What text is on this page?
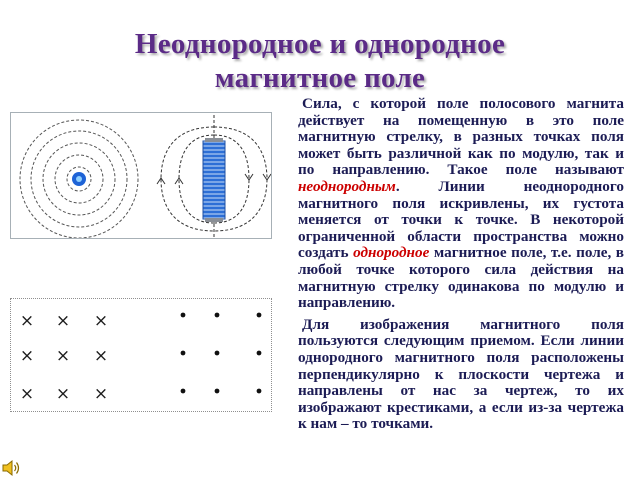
Неоднородное и однородное
магнитное поле
× × ×
× × ×
× × ×

Сила, с которой поле полосового магнита действует на помещенную в это поле магнитную стрелку, в разных точках поля может быть различной как по модулю, так и по направлению. Такое поле называют неоднородным. Линии неоднородного магнитного поля искривлены, их густота меняется от точки к точке. В некоторой ограниченной области пространства можно создать однородное магнитное поле, т.е. поле, в любой точке которого сила действия на магнитную стрелку одинакова по модулю и направлению.

Для изображения магнитного поля пользуются следующим приемом. Если линии однородного магнитного поля расположены перпендикулярно к плоскости чертежа и направлены от нас за чертеж, то их изображают крестиками, а если из-за чертежа к нам – то точками.
